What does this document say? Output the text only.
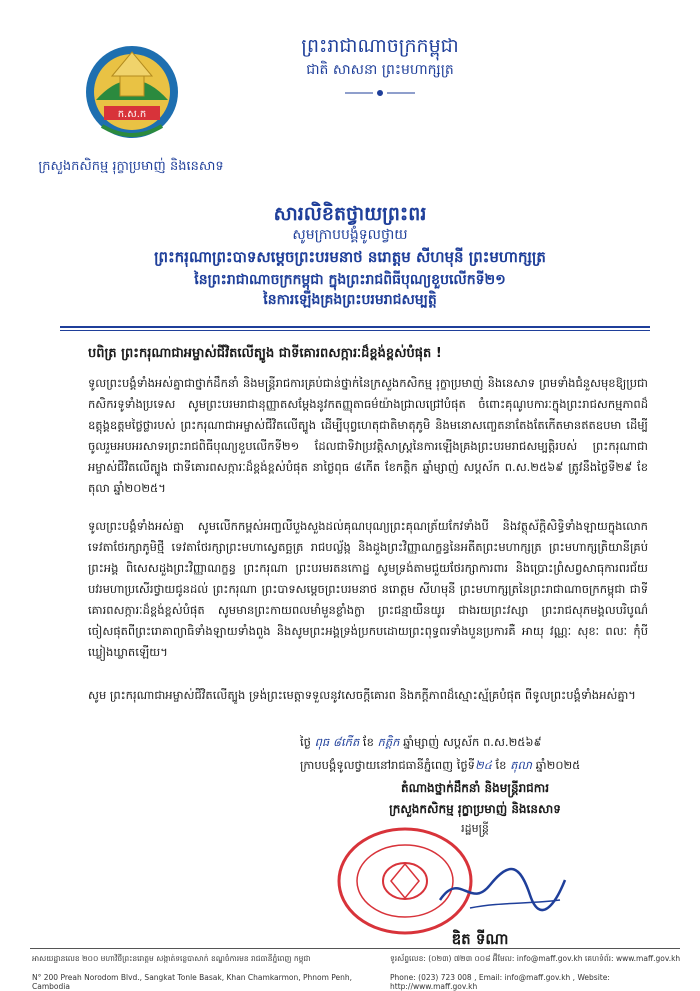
ក.ស.ក
ព្រះរាជាណាចក្រកម្ពុជា
ជាតិ សាសនា ព្រះមហាក្សត្រ
ក្រសួងកសិកម្ម រុក្ខាប្រមាញ់ និងនេសាទ
សារលិខិតថ្វាយព្រះពរ
សូមក្រាបបង្គំទូលថ្វាយ
ព្រះករុណាព្រះបាទសម្តេចព្រះបរមនាថ នរោត្តម សីហមុនី ព្រះមហាក្សត្រ
នៃព្រះរាជាណាចក្រកម្ពុជា ក្នុងព្រះរាជពិធីបុណ្យខួបលើកទី២១
នៃការឡើងគ្រងព្រះបរមរាជសម្បត្តិ
បពិត្រ ព្រះករុណាជាអម្ចាស់ជីវិតលើត្បូង ជាទីគោរពសក្ការៈដ៏ខ្ពង់ខ្ពស់បំផុត !
ទូលព្រះបង្គំទាំងអស់គ្នាជាថ្នាក់ដឹកនាំ និងមន្ត្រីរាជការគ្រប់ជាន់ថ្នាក់នៃក្រសួងកសិកម្ម រុក្ខាប្រមាញ់ និងនេសាទ ព្រមទាំងជំនួសមុខឱ្យប្រជាកសិករទូទាំងប្រទេស សូមព្រះបរមរាជានុញ្ញាតសម្តែងនូវកតញ្ញុតាធម៌យ៉ាងជ្រាលជ្រៅបំផុត ចំពោះគុណូបការៈក្នុងព្រះរាជសកម្មភាពដ៏ឧត្តុង្គឧត្តមថ្លៃថ្លារបស់ ព្រះករុណាជាអម្ចាស់ជីវិតលើត្បូង ដើម្បីបុព្វហេតុជាតិមាតុភូមិ និងមនោសញ្ចេតនាតែងតែកើតមានឥតឧបមា ដើម្បីចូលរួមអបអរសាទរព្រះរាជពិធីបុណ្យខួបលើកទី២១ ដែលជាទិវាប្រវត្តិសាស្ត្រនៃការឡើងគ្រងព្រះបរមរាជសម្បត្តិរបស់ ព្រះករុណាជាអម្ចាស់ជីវិតលើត្បូង ជាទីគោរពសក្ការៈដ៏ខ្ពង់ខ្ពស់បំផុត នាថ្ងៃពុធ ៨កើត ខែកត្តិក ឆ្នាំម្សាញ់ សប្តស័ក ព.ស.២៥៦៩ ត្រូវនឹងថ្ងៃទី២៩ ខែតុលា ឆ្នាំ២០២៥។
ទូលព្រះបង្គំទាំងអស់គ្នា សូមលើកកម្ពស់អញ្ជលីបួងសួងដល់គុណបុណ្យព្រះគុណត្រ័យកែវទាំងបី និងវត្ថុស័ក្តិសិទ្ធិទាំងឡាយក្នុងលោក ទេវតាថែរក្សាភូមិថ្មី ទេវតាថែរក្សាព្រះមហាស្វេតច្ឆត្រ រាជបល្ល័ង្ក និងដួងព្រះវិញ្ញាណក្ខន្ធនៃអតីតព្រះមហាក្សត្រ ព្រះមហាក្សត្រិយានីគ្រប់ព្រះអង្គ ពិសេសដួងព្រះវិញ្ញាណក្ខន្ធ ព្រះករុណា ព្រះបរមរតនកោដ្ឋ សូមទ្រង់តាមជួយថែរក្សាការពារ និងប្រោះព្រំសព្វសាធុការពរជ័យ បវរមហាប្រសើរថ្វាយជូនដល់ ព្រះករុណា ព្រះបាទសម្តេចព្រះបរមនាថ នរោត្តម សីហមុនី ព្រះមហាក្សត្រនៃព្រះរាជាណាចក្រកម្ពុជា ជាទីគោរពសក្ការៈដ៏ខ្ពង់ខ្ពស់បំផុត សូមមានព្រះកាយពលមាំមួនខ្លាំងក្លា ព្រះជន្មាយឺនយូរ ជាងរយព្រះវស្សា ព្រះរាជសុភមង្គលបរិបូណ៌ ចៀសផុតពីព្រះរោគាព្យាធិទាំងឡាយទាំងពួង និងសូមព្រះអង្គទ្រង់ប្រកបដោយព្រះពុទ្ធពរទាំងបួនប្រការគឺ អាយុ វណ្ណៈ សុខៈ ពលៈ កុំបីឃ្លៀងឃ្លាតឡើយ។
សូម ព្រះករុណាជាអម្ចាស់ជីវិតលើត្បូង ទ្រង់ព្រះមេត្តាទទួលនូវសេចក្តីគោរព និងភក្តីភាពដ៏ស្មោះស្ម័គ្របំផុត ពីទូលព្រះបង្គំទាំងអស់គ្នា។
ថ្ងៃ ពុធ ៨កើត ខែ កត្តិក ឆ្នាំម្សាញ់ សប្តស័ក ព.ស.២៥៦៩
ក្រាបបង្គំទូលថ្វាយនៅរាជធានីភ្នំពេញ ថ្ងៃទី២៤ ខែ តុលា ឆ្នាំ២០២៥
តំណាងថ្នាក់ដឹកនាំ និងមន្ត្រីរាជការ
ក្រសួងកសិកម្ម រុក្ខាប្រមាញ់ និងនេសាទ
រដ្ឋមន្ត្រី
ឌិត ទីណា
អាសយដ្ឋានលេខ ២០០ មហាវិថីព្រះនរោត្តម សង្កាត់ទន្លេបាសាក់ ខណ្ឌចំការមន រាជធានីភ្នំពេញ កម្ពុជា
N° 200 Preah Norodom Blvd., Sangkat Tonle Basak, Khan Chamkarmon, Phnom Penh, Cambodia
ទូរស័ព្ទលេខ: (០២៣) ៧២៣ ០០៨ អ៊ីមែល: info@maff.gov.kh គេហទំព័រ: www.maff.gov.kh
Phone: (023) 723 008 , Email: info@maff.gov.kh , Website: http://www.maff.gov.kh
